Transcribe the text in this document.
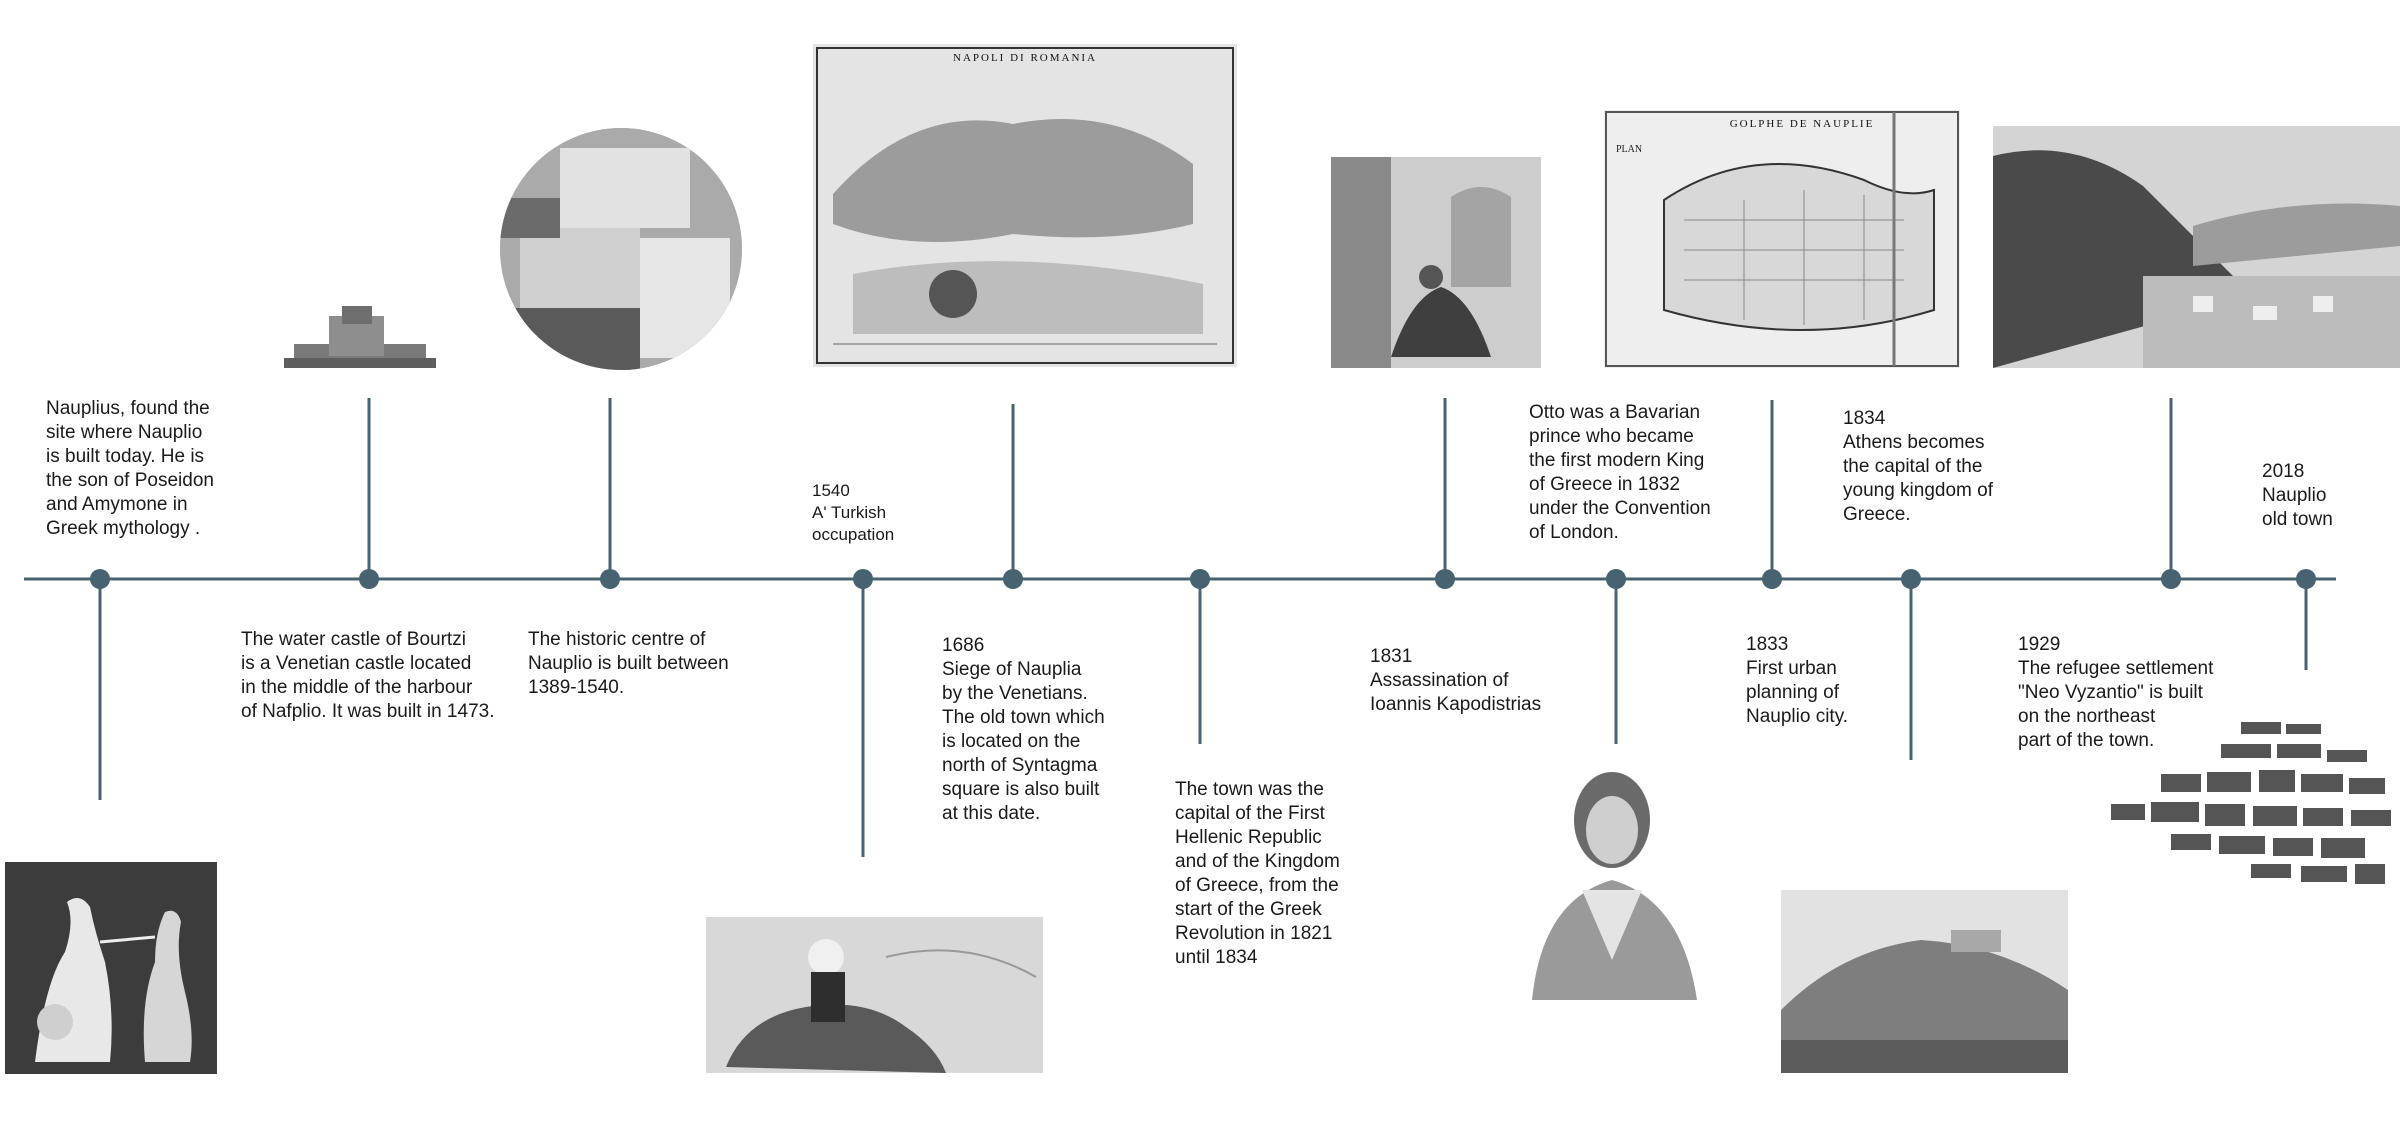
Nauplius, found the
site where Nauplio
is built today. He is
the son of Poseidon
and Amymone in
Greek mythology .

The water castle of Bourtzi
is a Venetian castle located
in the middle of the harbour
of Nafplio. It was built in 1473.

The historic centre of
Nauplio is built between
1389-1540.

1540
A' Turkish
occupation

1686
Siege of Nauplia
by the Venetians.
The old town which
is located on the
north of Syntagma
square is also built
at this date.

The town was the
capital of the First
Hellenic Republic
and of the Kingdom
of Greece, from the
start of the Greek
Revolution in 1821
until 1834

1831
Assassination of
Ioannis Kapodistrias

Otto was a Bavarian
prince who became
the first modern King
of Greece in 1832
under the Convention
of London.

1833
First urban
planning of
Nauplio city.

1834
Athens becomes
the capital of the
young kingdom of
Greece.

1929
The refugee settlement
"Neo Vyzantio" is built
on the northeast
part of the town.

2018
Nauplio
old town

NAPOLI DI ROMANIA
GOLPHE DE NAUPLIE
PLAN
